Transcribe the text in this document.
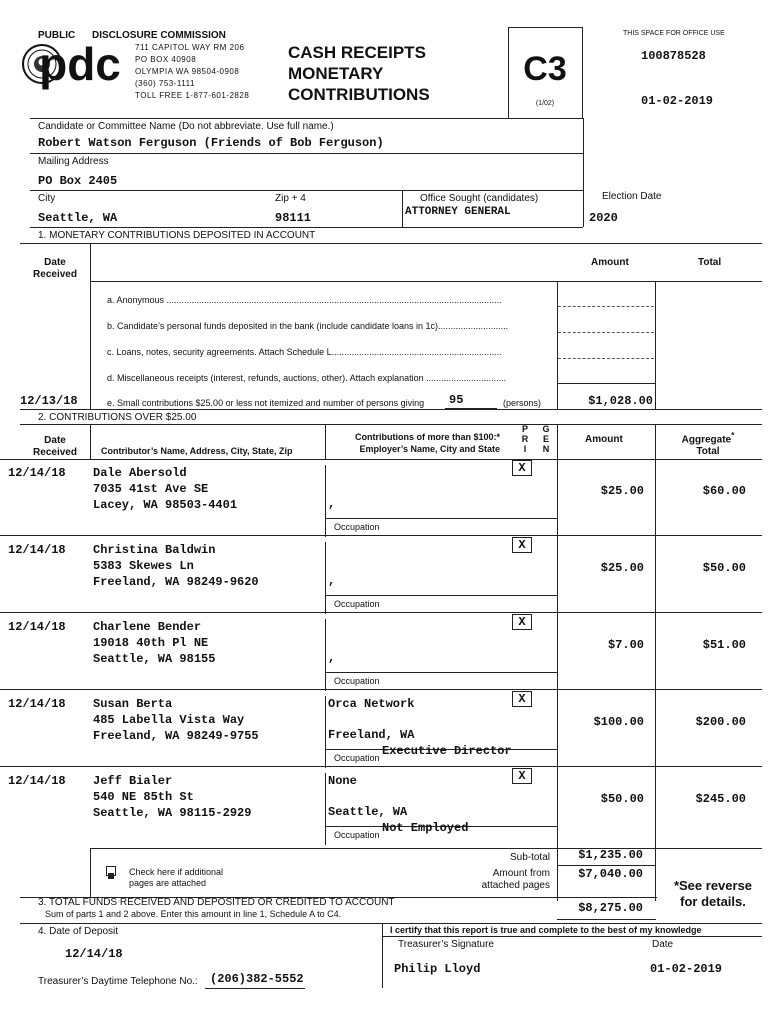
PUBLIC DISCLOSURE COMMISSION
pdc 711 CAPITOL WAY RM 206
PO BOX 40908
OLYMPIA WA 98504-0908
(360) 753-1111
TOLL FREE 1-877-601-2828
CASH RECEIPTS
MONETARY
CONTRIBUTIONS
C3
(1/02)
THIS SPACE FOR OFFICE USE
100878528
01-02-2019
Candidate or Committee Name (Do not abbreviate. Use full name.)
Robert Watson Ferguson (Friends of Bob Ferguson)
Mailing Address
PO Box 2405
City
Seattle, WA
Zip + 4
98111
Office Sought (candidates)
ATTORNEY GENERAL
Election Date
2020
1. MONETARY CONTRIBUTIONS DEPOSITED IN ACCOUNT
Date
Received
Amount	Total
a. Anonymous ......................................................................................................................................
b. Candidate’s personal funds deposited in the bank (include candidate loans in 1c)............................
c. Loans, notes, security agreements. Attach Schedule L....................................................................
d. Miscellaneous receipts (interest, refunds, auctions, other). Attach explanation ................................
12/13/18	e. Small contributions $25.00 or less not itemized and number of persons giving 95	(persons)	$1,028.00
2. CONTRIBUTIONS OVER $25.00
Date
Received	Contributor’s Name, Address, City, State, Zip
Contributions of more than $100:*
Employer’s Name, City and State
P
R
I
G
E
N
Amount	Aggregate*
Total
12/14/18 Dale Abersold
7035 41st Ave SE
Lacey, WA 98503-4401	,
Occupation
X
$25.00	$60.00
12/14/18 Christina Baldwin
5383 Skewes Ln
Freeland, WA 98249-9620	,
Occupation
X
$25.00	$50.00
12/14/18 Charlene Bender
19018 40th Pl NE
Seattle, WA 98155	,
Occupation
X
$7.00	$51.00
12/14/18 Susan Berta
485 Labella Vista Way
Freeland, WA 98249-9755
Orca Network
Freeland, WA
Occupation Executive Director
X
$100.00	$200.00
12/14/18 Jeff Bialer
540 NE 85th St
Seattle, WA 98115-2929
None
Seattle, WA
Occupation Not Employed
X
$50.00	$245.00
Check here if additional
pages are attached
Sub-total	$1,235.00
Amount from
attached pages
$7,040.00
*See reverse
for details.
3. TOTAL FUNDS RECEIVED AND DEPOSITED OR CREDITED TO ACCOUNT
Sum of parts 1 and 2 above. Enter this amount in line 1, Schedule A to C4.	$8,275.00
4. Date of Deposit
12/14/18
I certify that this report is true and complete to the best of my knowledge
Treasurer’s Signature	Date
Philip Lloyd	01-02-2019
Treasurer’s Daytime Telephone No.: (206)382-5552
